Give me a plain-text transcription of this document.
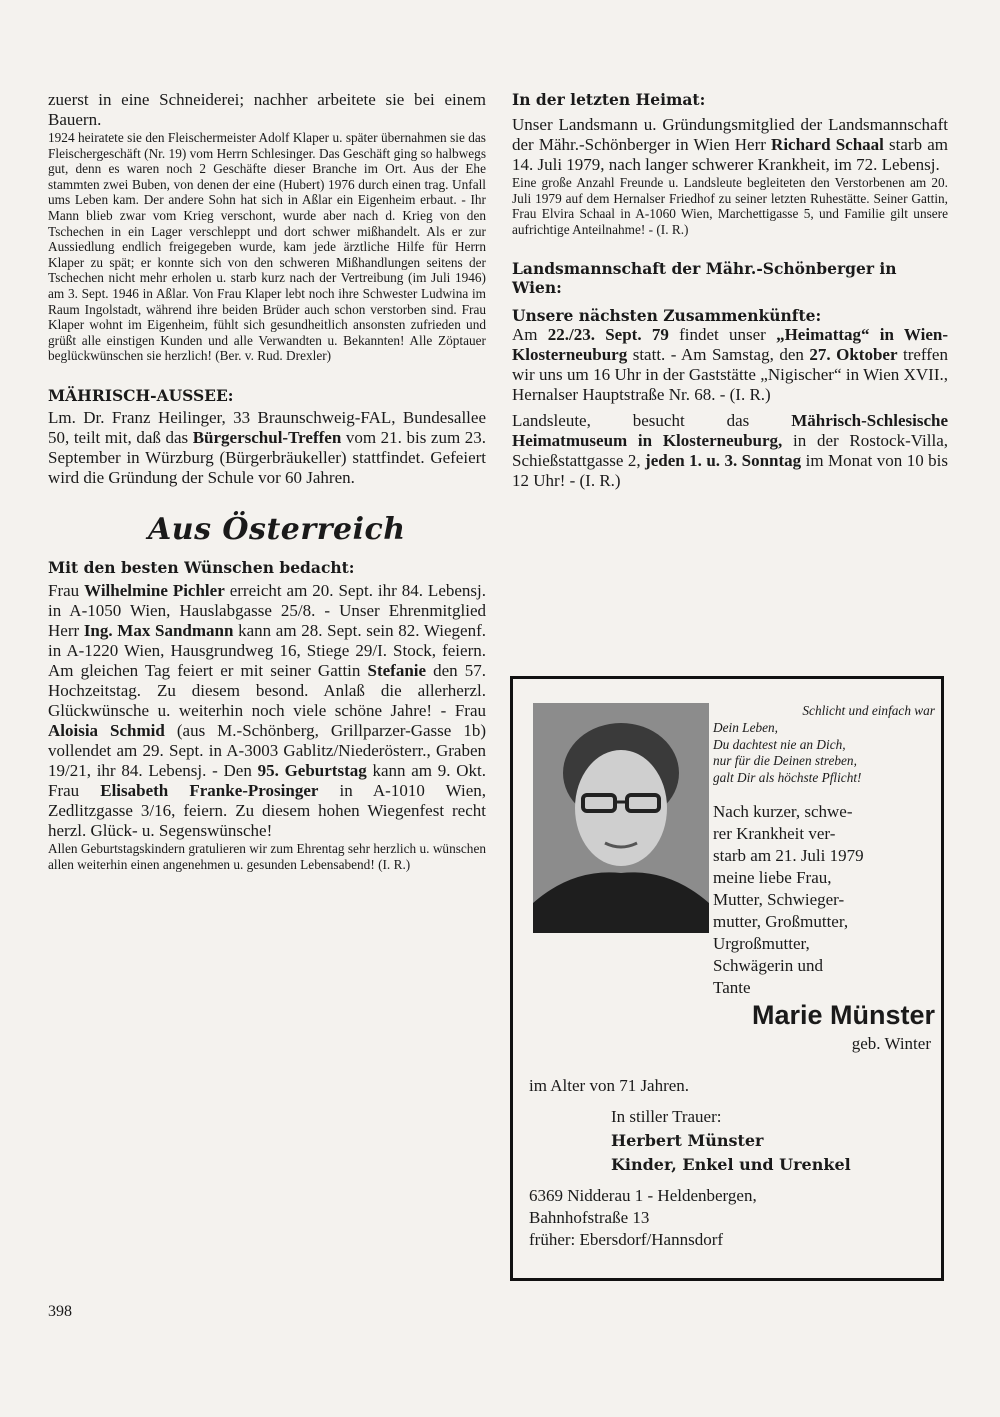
zuerst in eine Schneiderei; nachher arbeitete sie bei einem Bauern.

1924 heiratete sie den Fleischermeister Adolf Klaper u. später übernahmen sie das Fleischergeschäft (Nr. 19) vom Herrn Schlesinger. Das Geschäft ging so halbwegs gut, denn es waren noch 2 Geschäfte dieser Branche im Ort. Aus der Ehe stammten zwei Buben, von denen der eine (Hubert) 1976 durch einen trag. Unfall ums Leben kam. Der andere Sohn hat sich in Aßlar ein Eigenheim erbaut. - Ihr Mann blieb zwar vom Krieg verschont, wurde aber nach d. Krieg von den Tschechen in ein Lager verschleppt und dort schwer mißhandelt. Als er zur Aussiedlung endlich freigegeben wurde, kam jede ärztliche Hilfe für Herrn Klaper zu spät; er konnte sich von den schweren Mißhandlungen seitens der Tschechen nicht mehr erholen u. starb kurz nach der Vertreibung (im Juli 1946) am 3. Sept. 1946 in Aßlar. Von Frau Klaper lebt noch ihre Schwester Ludwina im Raum Ingolstadt, während ihre beiden Brüder auch schon verstorben sind. Frau Klaper wohnt im Eigenheim, fühlt sich gesundheitlich ansonsten zufrieden und grüßt alle einstigen Kunden und alle Verwandten u. Bekannten! Alle Zöptauer beglückwünschen sie herzlich! (Ber. v. Rud. Drexler)

MÄHRISCH-AUSSEE:

Lm. Dr. Franz Heilinger, 33 Braunschweig-FAL, Bundesallee 50, teilt mit, daß das Bürgerschul-Treffen vom 21. bis zum 23. September in Würzburg (Bürgerbräukeller) stattfindet. Gefeiert wird die Gründung der Schule vor 60 Jahren.

Aus Österreich
Mit den besten Wünschen bedacht:

Frau Wilhelmine Pichler erreicht am 20. Sept. ihr 84. Lebensj. in A-1050 Wien, Hauslabgasse 25/8. - Unser Ehrenmitglied Herr Ing. Max Sandmann kann am 28. Sept. sein 82. Wiegenf. in A-1220 Wien, Hausgrundweg 16, Stiege 29/I. Stock, feiern. Am gleichen Tag feiert er mit seiner Gattin Stefanie den 57. Hochzeitstag. Zu diesem besond. Anlaß die allerherzl. Glückwünsche u. weiterhin noch viele schöne Jahre! - Frau Aloisia Schmid (aus M.-Schönberg, Grillparzer-Gasse 1b) vollendet am 29. Sept. in A-3003 Gablitz/Niederösterr., Graben 19/21, ihr 84. Lebensj. - Den 95. Geburtstag kann am 9. Okt. Frau Elisabeth Franke-Prosinger in A-1010 Wien, Zedlitzgasse 3/16, feiern. Zu diesem hohen Wiegenfest recht herzl. Glück- u. Segenswünsche!

Allen Geburtstagskindern gratulieren wir zum Ehrentag sehr herzlich u. wünschen allen weiterhin einen angenehmen u. gesunden Lebensabend! (I. R.)

398
In der letzten Heimat:

Unser Landsmann u. Gründungsmitglied der Landsmannschaft der Mähr.-Schönberger in Wien Herr Richard Schaal starb am 14. Juli 1979, nach langer schwerer Krankheit, im 72. Lebensj.

Eine große Anzahl Freunde u. Landsleute begleiteten den Verstorbenen am 20. Juli 1979 auf dem Hernalser Friedhof zu seiner letzten Ruhestätte. Seiner Gattin, Frau Elvira Schaal in A-1060 Wien, Marchettigasse 5, und Familie gilt unsere aufrichtige Anteilnahme! - (I. R.)

Landsmannschaft der Mähr.-Schönberger in Wien:
Unsere nächsten Zusammenkünfte:

Am 22./23. Sept. 79 findet unser „Heimattag“ in Wien-Klosterneuburg statt. - Am Samstag, den 27. Oktober treffen wir uns um 16 Uhr in der Gaststätte „Nigischer“ in Wien XVII., Hernalser Hauptstraße Nr. 68. - (I. R.)

Landsleute, besucht das Mährisch-Schlesische Heimatmuseum in Klosterneuburg, in der Rostock-Villa, Schießstattgasse 2, jeden 1. u. 3. Sonntag im Monat von 10 bis 12 Uhr! - (I. R.)

Schlicht und einfach war
Dein Leben,
Du dachtest nie an Dich,
nur für die Deinen streben,
galt Dir als höchste Pflicht!
Nach kurzer, schwe-
rer Krankheit ver-
starb am 21. Juli 1979
meine liebe Frau,
Mutter, Schwieger-
mutter, Großmutter,
Urgroßmutter,
Schwägerin und
Tante
Marie Münster
geb. Winter
im Alter von 71 Jahren.
In stiller Trauer:
Herbert Münster
Kinder, Enkel und Urenkel
6369 Nidderau 1 - Heldenbergen,
Bahnhofstraße 13
früher: Ebersdorf/Hannsdorf
